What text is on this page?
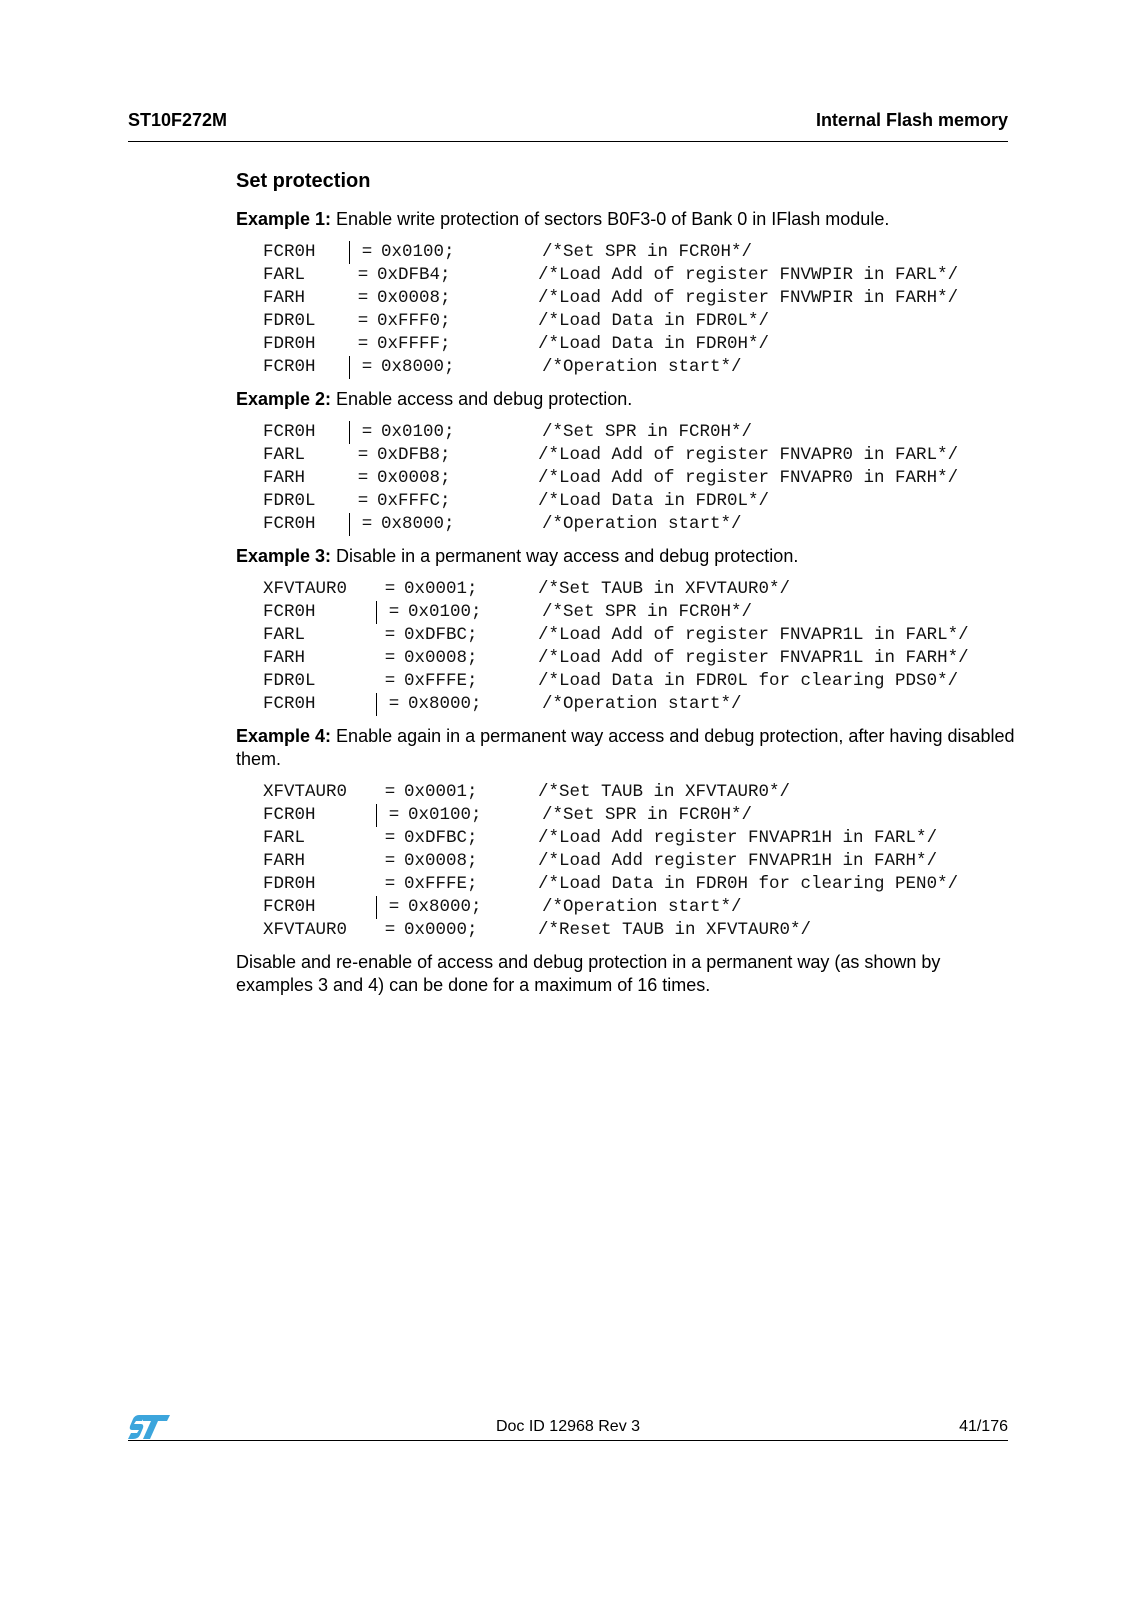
ST10F272M	Internal Flash memory
Set protection

Example 1: Enable write protection of sectors B0F3-0 of Bank 0 in IFlash module.

FCR0H	= 0x0100;	/*Set SPR in FCR0H*/
FARL	= 0xDFB4;	/*Load Add of register FNVWPIR in FARL*/
FARH	= 0x0008;	/*Load Add of register FNVWPIR in FARH*/
FDR0L	= 0xFFF0;	/*Load Data in FDR0L*/
FDR0H	= 0xFFFF;	/*Load Data in FDR0H*/
FCR0H	= 0x8000;	/*Operation start*/

Example 2: Enable access and debug protection.

FCR0H	= 0x0100;	/*Set SPR in FCR0H*/
FARL	= 0xDFB8;	/*Load Add of register FNVAPR0 in FARL*/
FARH	= 0x0008;	/*Load Add of register FNVAPR0 in FARH*/
FDR0L	= 0xFFFC;	/*Load Data in FDR0L*/
FCR0H	= 0x8000;	/*Operation start*/

Example 3: Disable in a permanent way access and debug protection.

XFVTAUR0	= 0x0001;	/*Set TAUB in XFVTAUR0*/
FCR0H	= 0x0100;	/*Set SPR in FCR0H*/
FARL	= 0xDFBC;	/*Load Add of register FNVAPR1L in FARL*/
FARH	= 0x0008;	/*Load Add of register FNVAPR1L in FARH*/
FDR0L	= 0xFFFE;	/*Load Data in FDR0L for clearing PDS0*/
FCR0H	= 0x8000;	/*Operation start*/

Example 4: Enable again in a permanent way access and debug protection, after having disabled them.

XFVTAUR0	= 0x0001;	/*Set TAUB in XFVTAUR0*/
FCR0H	= 0x0100;	/*Set SPR in FCR0H*/
FARL	= 0xDFBC;	/*Load Add register FNVAPR1H in FARL*/
FARH	= 0x0008;	/*Load Add register FNVAPR1H in FARH*/
FDR0H	= 0xFFFE;	/*Load Data in FDR0H for clearing PEN0*/
FCR0H	= 0x8000;	/*Operation start*/
XFVTAUR0	= 0x0000;	/*Reset TAUB in XFVTAUR0*/

Disable and re-enable of access and debug protection in a permanent way (as shown by examples 3 and 4) can be done for a maximum of 16 times.

Doc ID 12968 Rev 3	41/176
